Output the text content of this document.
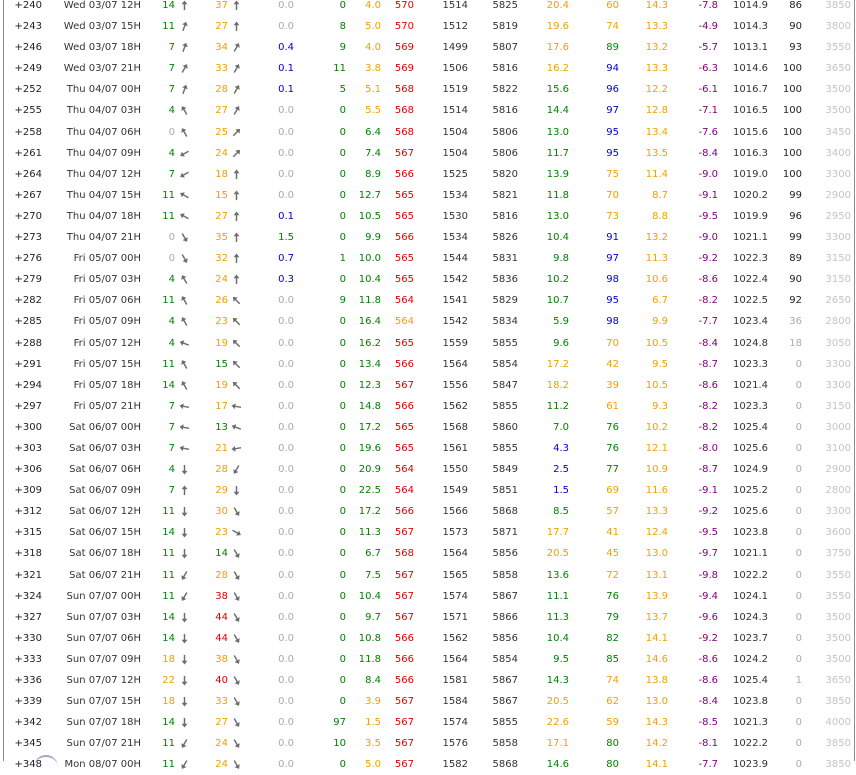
+240	Wed 03/07 12H	14	37	0.0	0	4.0	570	1514	5825	20.4	60	14.3	-7.8	1014.9	86	3850
+243	Wed 03/07 15H	11	27	0.0	8	5.0	570	1512	5819	19.6	74	13.3	-4.9	1014.3	90	3800
+246	Wed 03/07 18H	7	34	0.4	9	4.0	569	1499	5807	17.6	89	13.2	-5.7	1013.1	93	3550
+249	Wed 03/07 21H	7	33	0.1	11	3.8	569	1506	5816	16.2	94	13.3	-6.3	1014.6	100	3650
+252	Thu 04/07 00H	7	28	0.1	5	5.1	568	1519	5822	15.6	96	12.2	-6.1	1016.7	100	3500
+255	Thu 04/07 03H	4	27	0.0	0	5.5	568	1514	5816	14.4	97	12.8	-7.1	1016.5	100	3500
+258	Thu 04/07 06H	0	25	0.0	0	6.4	568	1504	5806	13.0	95	13.4	-7.6	1015.6	100	3450
+261	Thu 04/07 09H	4	24	0.0	0	7.4	567	1504	5806	11.7	95	13.5	-8.4	1016.3	100	3400
+264	Thu 04/07 12H	7	18	0.0	0	8.9	566	1525	5820	13.9	75	11.4	-9.0	1019.0	100	3300
+267	Thu 04/07 15H	11	15	0.0	0	12.7	565	1534	5821	11.8	70	8.7	-9.1	1020.2	99	2900
+270	Thu 04/07 18H	11	27	0.1	0	10.5	565	1530	5816	13.0	73	8.8	-9.5	1019.9	96	2950
+273	Thu 04/07 21H	0	35	1.5	0	9.9	566	1534	5826	10.4	91	13.2	-9.0	1021.1	99	3300
+276	Fri 05/07 00H	0	32	0.7	1	10.0	565	1544	5831	9.8	97	11.3	-9.2	1022.3	89	3150
+279	Fri 05/07 03H	4	24	0.3	0	10.4	565	1542	5836	10.2	98	10.6	-8.6	1022.4	90	3150
+282	Fri 05/07 06H	11	26	0.0	9	11.8	564	1541	5829	10.7	95	6.7	-8.2	1022.5	92	2650
+285	Fri 05/07 09H	4	23	0.0	0	16.4	564	1542	5834	5.9	98	9.9	-7.7	1023.4	36	2800
+288	Fri 05/07 12H	4	19	0.0	0	16.2	565	1559	5855	9.6	70	10.5	-8.4	1024.8	18	3050
+291	Fri 05/07 15H	11	15	0.0	0	13.4	566	1564	5854	17.2	42	9.5	-8.7	1023.3	0	3300
+294	Fri 05/07 18H	14	19	0.0	0	12.3	567	1556	5847	18.2	39	10.5	-8.6	1021.4	0	3300
+297	Fri 05/07 21H	7	17	0.0	0	14.8	566	1562	5855	11.2	61	9.3	-8.2	1023.3	0	3150
+300	Sat 06/07 00H	7	13	0.0	0	17.2	565	1568	5860	7.0	76	10.2	-8.2	1025.4	0	3000
+303	Sat 06/07 03H	7	21	0.0	0	19.6	565	1561	5855	4.3	76	12.1	-8.0	1025.6	0	3100
+306	Sat 06/07 06H	4	28	0.0	0	20.9	564	1550	5849	2.5	77	10.9	-8.7	1024.9	0	2900
+309	Sat 06/07 09H	7	29	0.0	0	22.5	564	1549	5851	1.5	69	11.6	-9.1	1025.2	0	2800
+312	Sat 06/07 12H	11	30	0.0	0	17.2	566	1566	5868	8.5	57	13.3	-9.2	1025.6	0	3300
+315	Sat 06/07 15H	14	23	0.0	0	11.3	567	1573	5871	17.7	41	12.4	-9.5	1023.8	0	3600
+318	Sat 06/07 18H	11	14	0.0	0	6.7	568	1564	5856	20.5	45	13.0	-9.7	1021.1	0	3750
+321	Sat 06/07 21H	11	28	0.0	0	7.5	567	1565	5858	13.6	72	13.1	-9.8	1022.2	0	3550
+324	Sun 07/07 00H	11	38	0.0	0	10.4	567	1574	5867	11.1	76	13.9	-9.4	1024.1	0	3550
+327	Sun 07/07 03H	14	44	0.0	0	9.7	567	1571	5866	11.3	79	13.7	-9.6	1024.3	0	3500
+330	Sun 07/07 06H	14	44	0.0	0	10.8	566	1562	5856	10.4	82	14.1	-9.2	1023.7	0	3500
+333	Sun 07/07 09H	18	38	0.0	0	11.8	566	1564	5854	9.5	85	14.6	-8.6	1024.2	0	3500
+336	Sun 07/07 12H	22	40	0.0	0	8.4	566	1581	5867	14.3	74	13.8	-8.6	1025.4	1	3650
+339	Sun 07/07 15H	18	33	0.0	0	3.9	567	1584	5867	20.5	62	13.0	-8.4	1023.8	0	3850
+342	Sun 07/07 18H	14	27	0.0	97	1.5	567	1574	5855	22.6	59	14.3	-8.5	1021.3	0	4000
+345	Sun 07/07 21H	11	24	0.0	10	3.5	567	1576	5858	17.1	80	14.2	-8.1	1022.2	0	3850
+348	Mon 08/07 00H	11	24	0.0	0	5.0	567	1582	5868	14.6	80	14.1	-7.7	1023.9	0	3850
